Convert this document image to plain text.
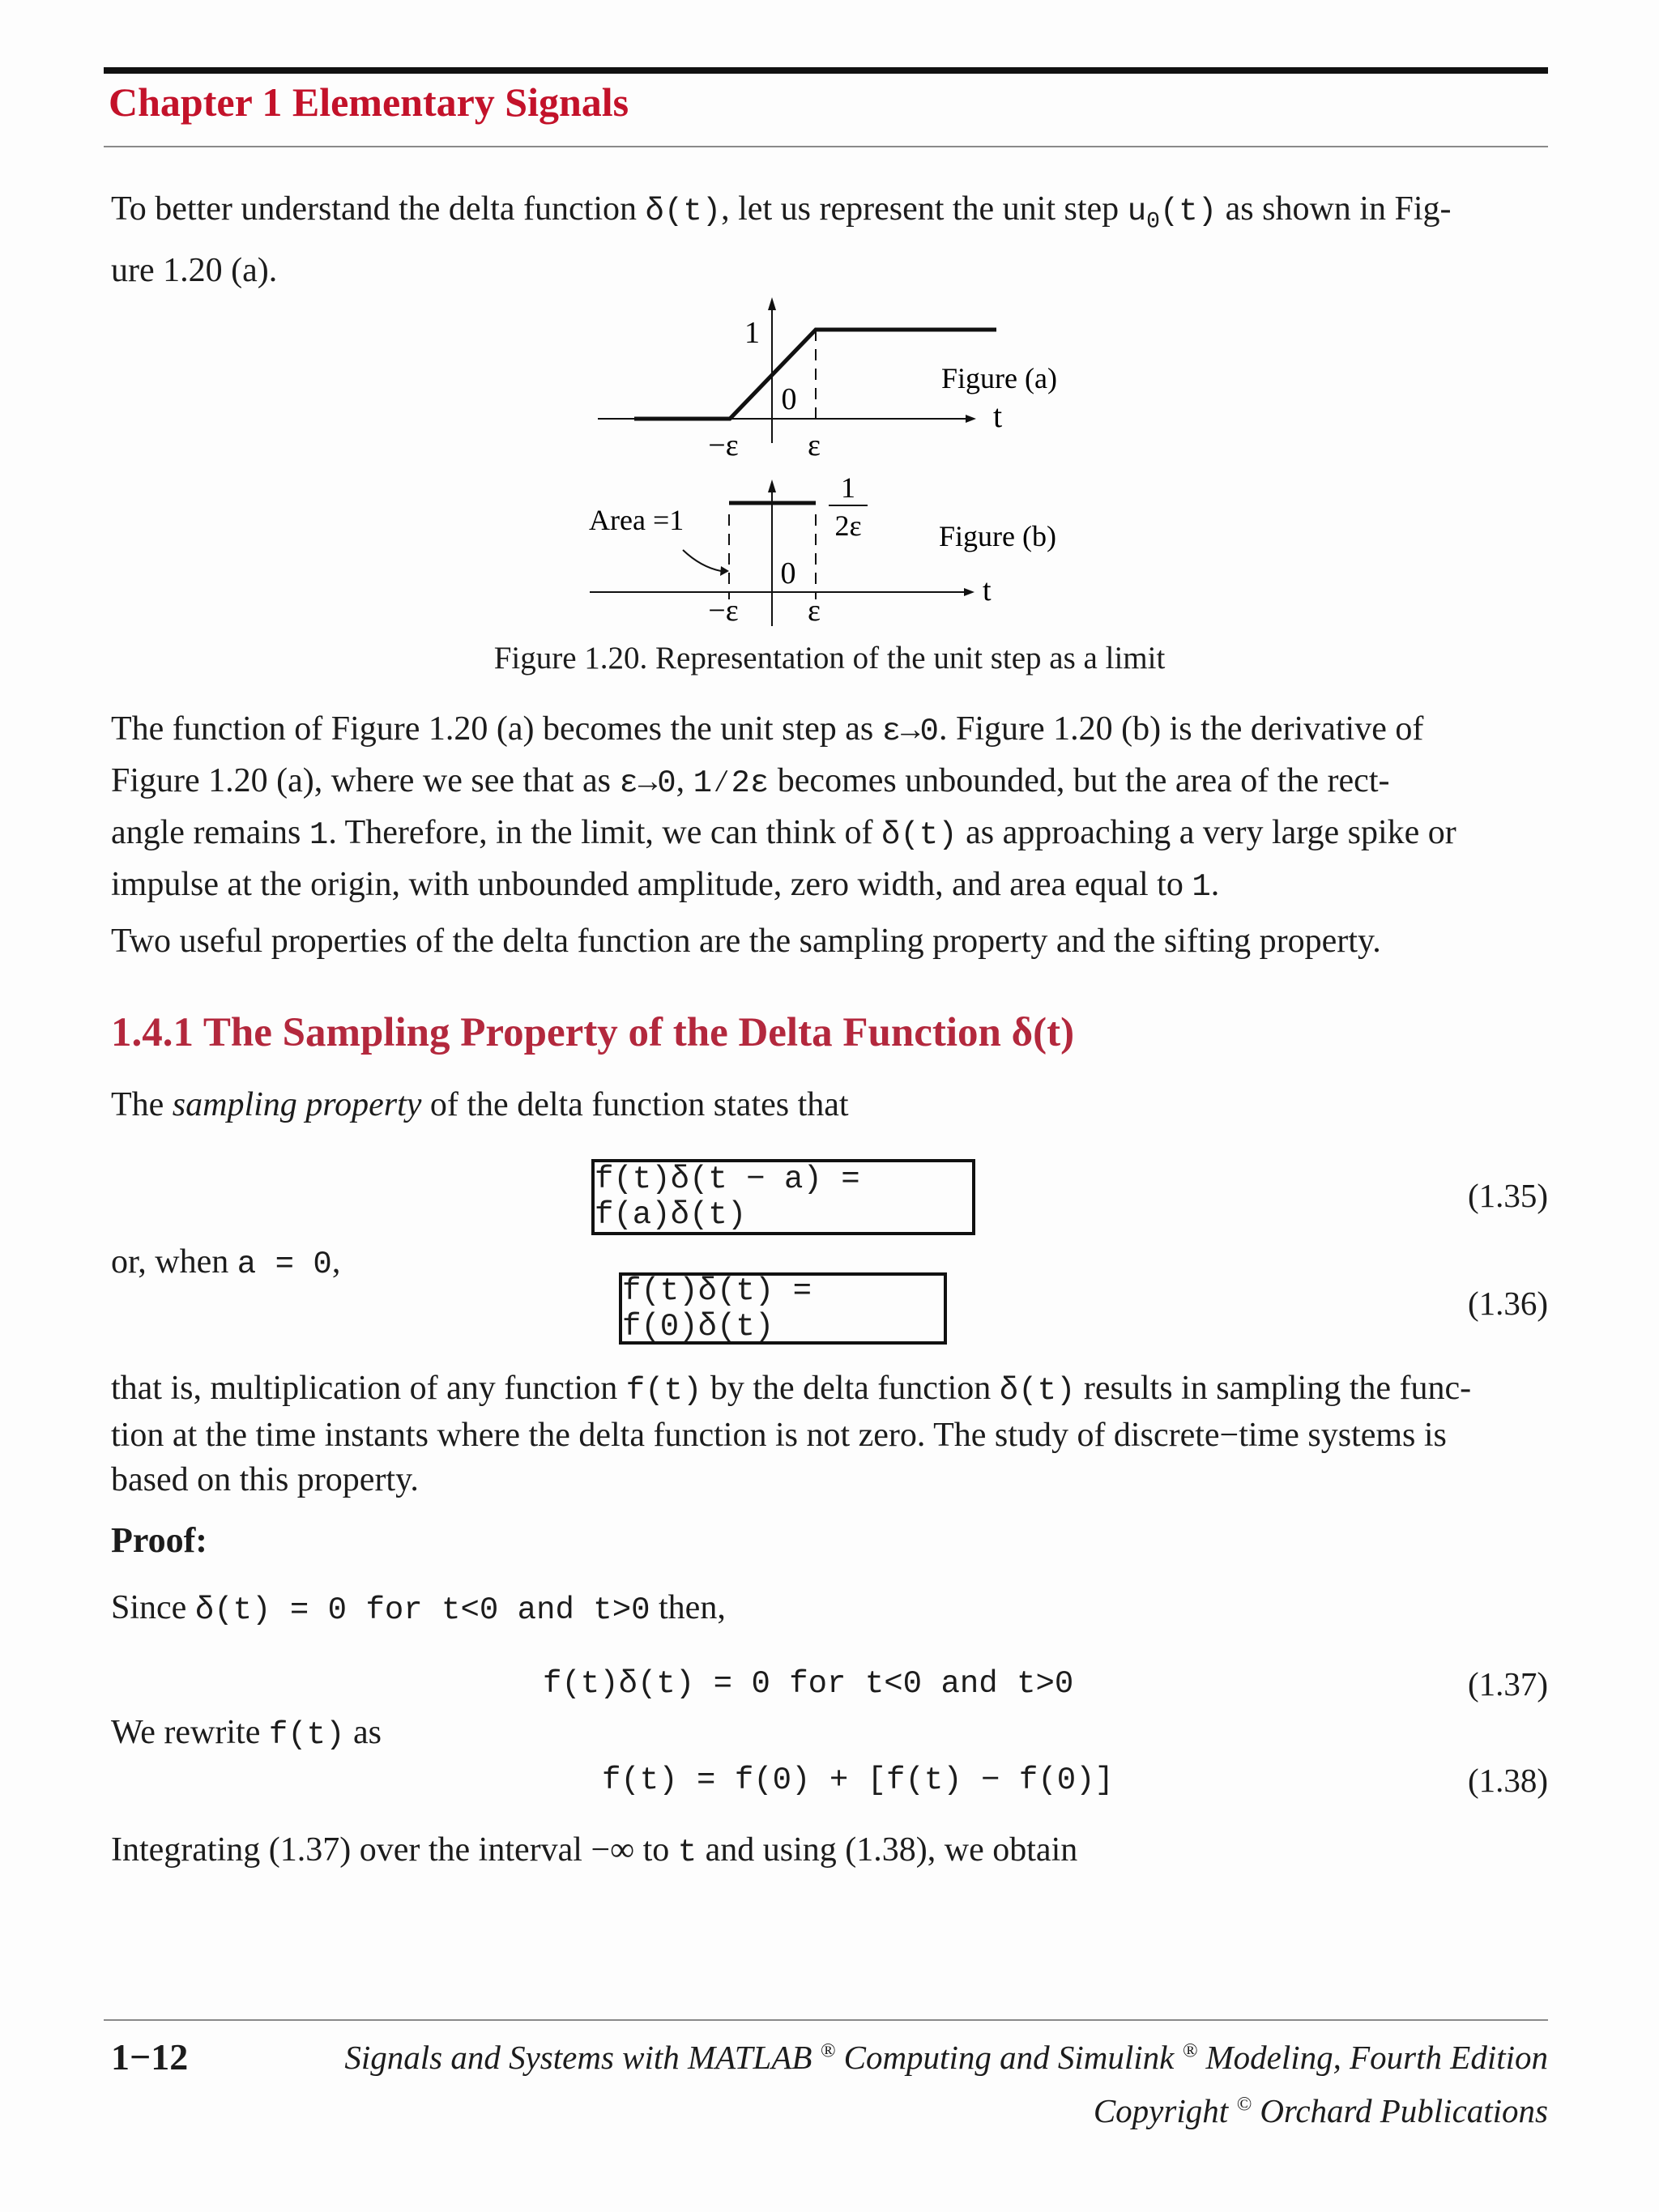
Chapter 1 Elementary Signals

To better understand the delta function δ(t), let us represent the unit step $u_0(t)$ as shown in Fig-
ure 1.20 (a).

1
0
−ε ε
t
Figure (a)
Area =1
1
2ε
0
−ε ε
t
Figure (b)
Figure 1.20. Representation of the unit step as a limit

The function of Figure 1.20 (a) becomes the unit step as ε→0. Figure 1.20 (b) is the derivative of
Figure 1.20 (a), where we see that as ε→0, 1⁄2ε becomes unbounded, but the area of the rect-
angle remains 1. Therefore, in the limit, we can think of δ(t) as approaching a very large spike or
impulse at the origin, with unbounded amplitude, zero width, and area equal to 1.

Two useful properties of the delta function are the sampling property and the sifting property.

1.4.1 The Sampling Property of the Delta Function δ(t)

The sampling property of the delta function states that

f(t)δ(t − a) = f(a)δ(t)
(1.35)

or, when a = 0,

f(t)δ(t) = f(0)δ(t)
(1.36)

that is, multiplication of any function f(t) by the delta function δ(t) results in sampling the func-
tion at the time instants where the delta function is not zero. The study of discrete−time systems is
based on this property.

Proof:

Since δ(t) = 0 for t<0 and t>0 then,

f(t)δ(t) = 0 for t<0 and t>0	(1.37)

We rewrite f(t) as

f(t) = f(0) + [f(t) − f(0)]	(1.38)

Integrating (1.37) over the interval −∞ to t and using (1.38), we obtain

1−12	Signals and Systems with MATLAB ® Computing and Simulink ® Modeling, Fourth Edition
Copyright © Orchard Publications
